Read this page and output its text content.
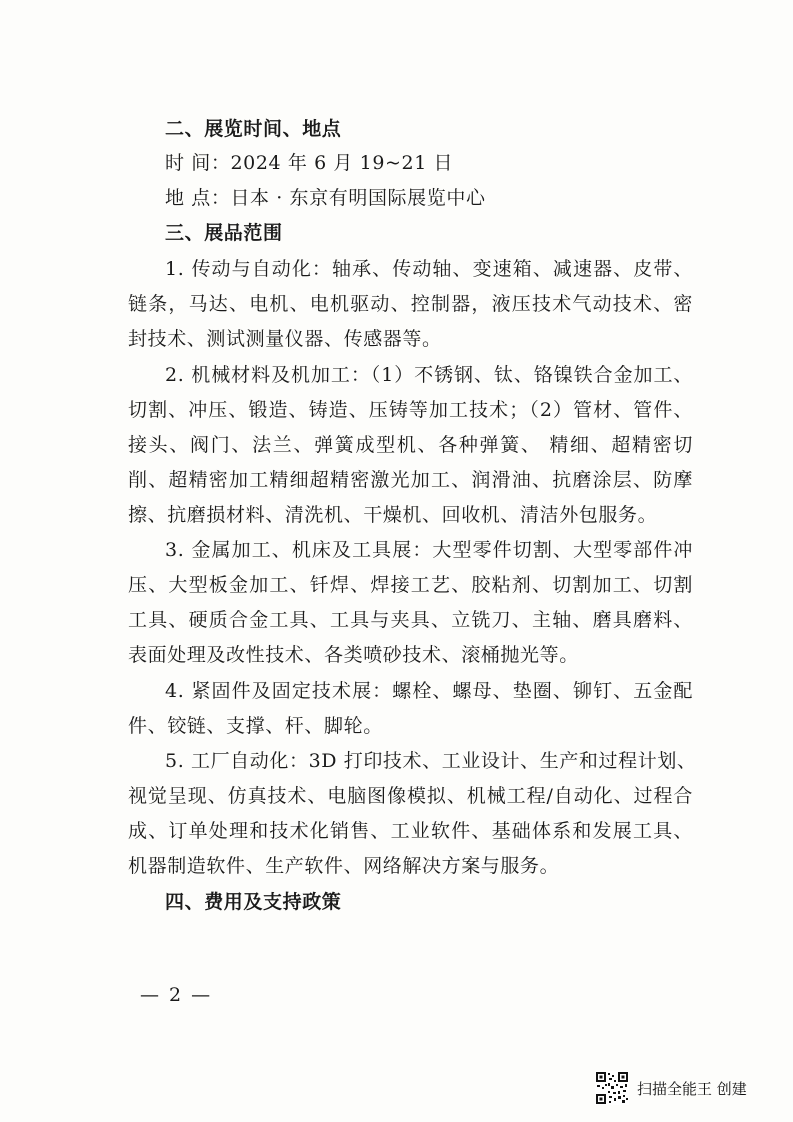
二、展览时间、地点
时 间：2024 年 6 月 19~21 日
地 点：日本 · 东京有明国际展览中心
三、展品范围
1. 传动与自动化：轴承、传动轴、变速箱、减速器、皮带、
链条，马达、电机、电机驱动、控制器，液压技术气动技术、密
封技术、测试测量仪器、传感器等。
2. 机械材料及机加工：（1）不锈钢、钛、铬镍铁合金加工、
切割、冲压、锻造、铸造、压铸等加工技术；（2）管材、管件、
接头、阀门、法兰、弹簧成型机、各种弹簧、 精细、超精密切
削、超精密加工精细超精密激光加工、润滑油、抗磨涂层、防摩
擦、抗磨损材料、清洗机、干燥机、回收机、清洁外包服务。
3. 金属加工、机床及工具展：大型零件切割、大型零部件冲
压、大型板金加工、钎焊、焊接工艺、胶粘剂、切割加工、切割
工具、硬质合金工具、工具与夹具、立铣刀、主轴、磨具磨料、
表面处理及改性技术、各类喷砂技术、滚桶抛光等。
4. 紧固件及固定技术展：螺栓、螺母、垫圈、铆钉、五金配
件、铰链、支撑、杆、脚轮。
5. 工厂自动化：3D 打印技术、工业设计、生产和过程计划、
视觉呈现、仿真技术、电脑图像模拟、机械工程/自动化、过程合
成、订单处理和技术化销售、工业软件、基础体系和发展工具、
机器制造软件、生产软件、网络解决方案与服务。
四、费用及支持政策
— 2 —
扫描全能王 创建
